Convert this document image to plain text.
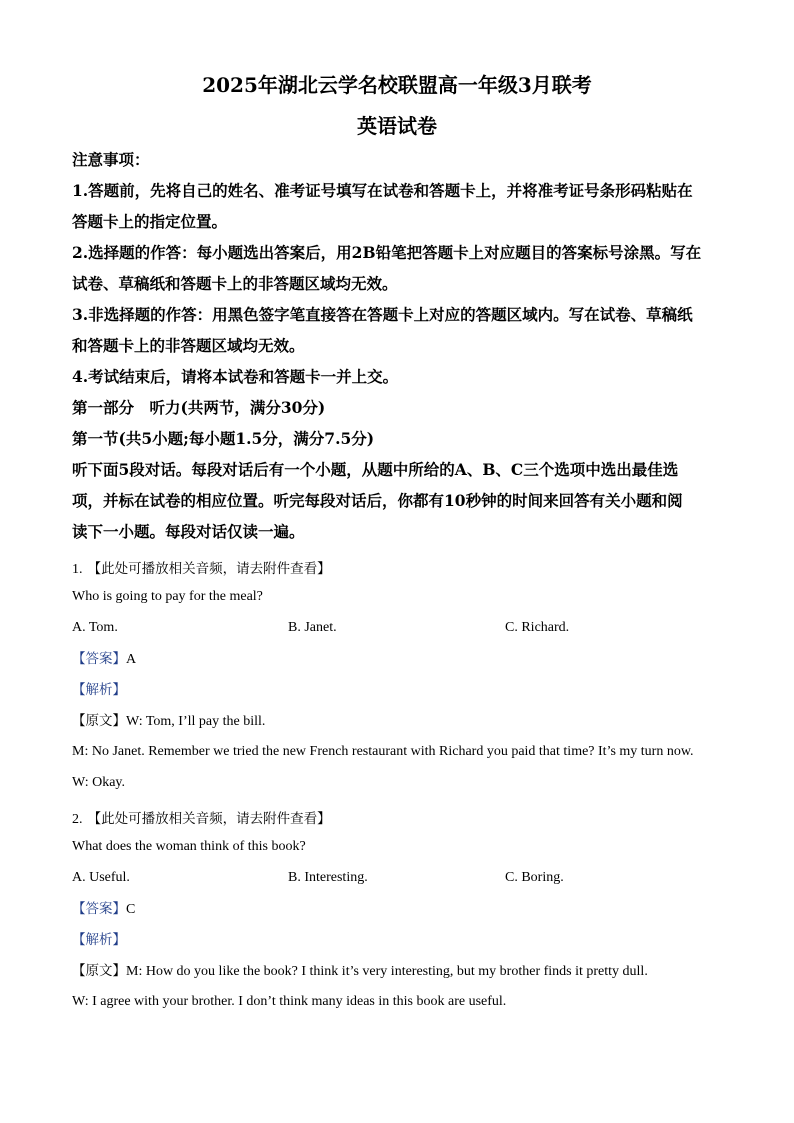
2025年湖北云学名校联盟高一年级3月联考
英语试卷
注意事项：
1.答题前，先将自己的姓名、准考证号填写在试卷和答题卡上，并将准考证号条形码粘贴在
答题卡上的指定位置。
2.选择题的作答：每小题选出答案后，用2B铅笔把答题卡上对应题目的答案标号涂黑。写在
试卷、草稿纸和答题卡上的非答题区域均无效。
3.非选择题的作答：用黑色签字笔直接答在答题卡上对应的答题区域内。写在试卷、草稿纸
和答题卡上的非答题区域均无效。
4.考试结束后，请将本试卷和答题卡一并上交。
第一部分　听力(共两节，满分30分)
第一节(共5小题;每小题1.5分，满分7.5分)
听下面5段对话。每段对话后有一个小题，从题中所给的A、B、C三个选项中选出最佳选
项，并标在试卷的相应位置。听完每段对话后，你都有10秒钟的时间来回答有关小题和阅
读下一小题。每段对话仅读一遍。
1. 【此处可播放相关音频，请去附件查看】
Who is going to pay for the meal?
A. Tom.	B. Janet.	C. Richard.
【答案】A
【解析】
【原文】W: Tom, I’ll pay the bill.
M: No Janet. Remember we tried the new French restaurant with Richard you paid that time? It’s my turn now.
W: Okay.
2. 【此处可播放相关音频，请去附件查看】
What does the woman think of this book?
A. Useful.	B. Interesting.	C. Boring.
【答案】C
【解析】
【原文】M: How do you like the book? I think it’s very interesting, but my brother finds it pretty dull.
W: I agree with your brother. I don’t think many ideas in this book are useful.
